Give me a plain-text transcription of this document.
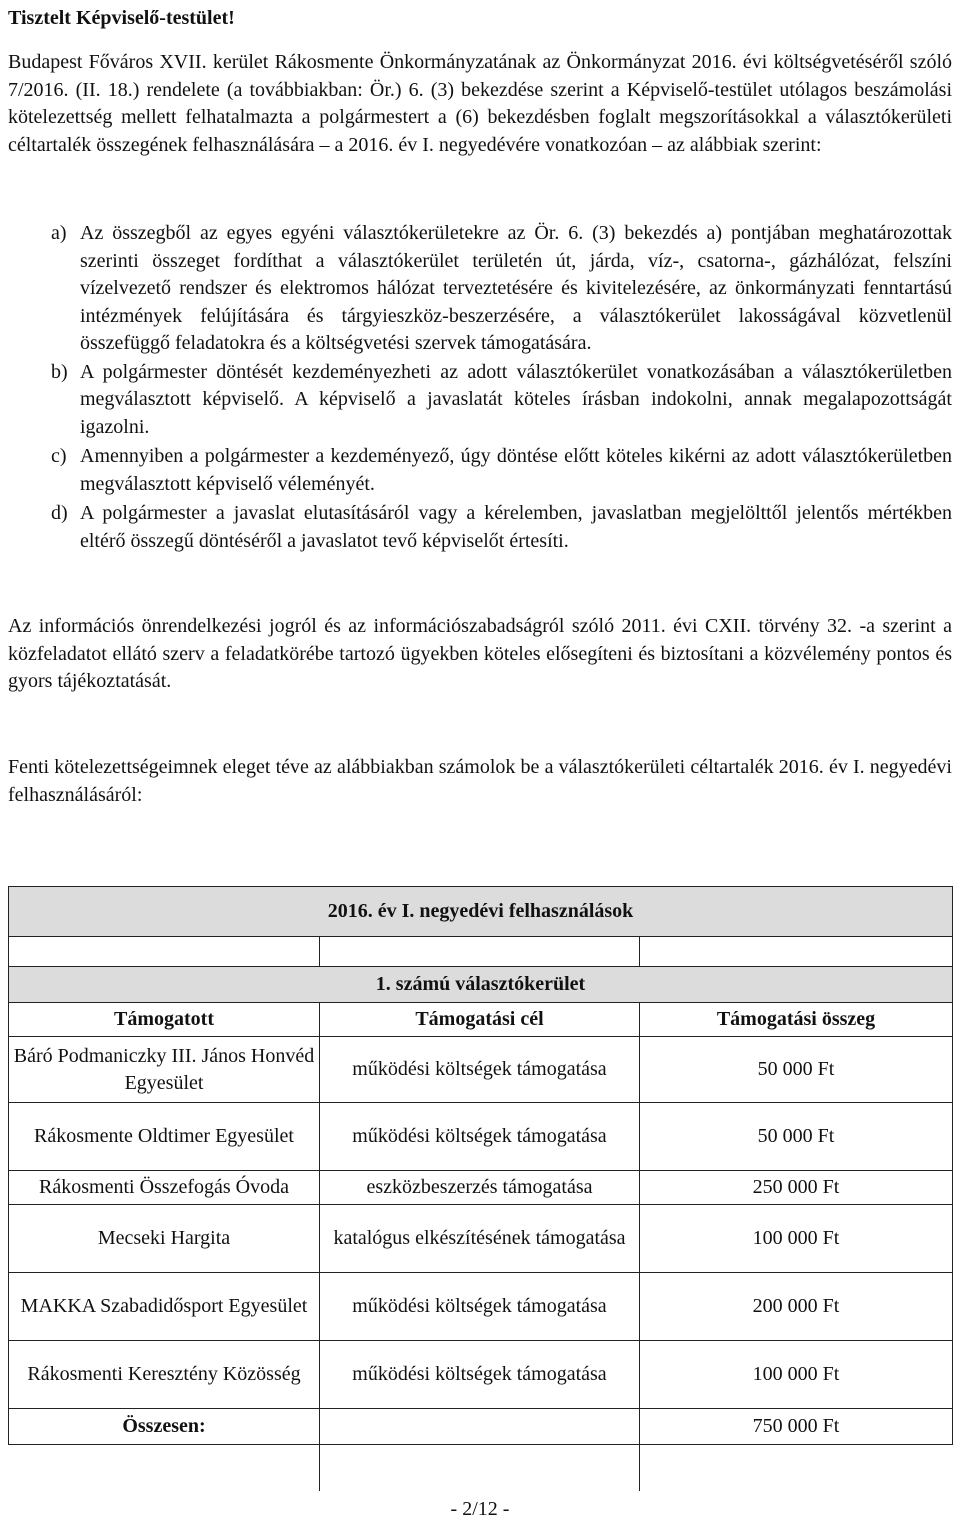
Tisztelt Képviselő-testület!
Budapest Főváros XVII. kerület Rákosmente Önkormányzatának az Önkormányzat 2016. évi költségvetéséről szóló 7/2016. (II. 18.) rendelete (a továbbiakban: Ör.) 6. (3) bekezdése szerint a Képviselő-testület utólagos beszámolási kötelezettség mellett felhatalmazta a polgármestert a (6) bekezdésben foglalt megszorításokkal a választókerületi céltartalék összegének felhasználására – a 2016. év I. negyedévére vonatkozóan – az alábbiak szerint:
a) Az összegből az egyes egyéni választókerületekre az Ör. 6. (3) bekezdés a) pontjában meghatározottak szerinti összeget fordíthat a választókerület területén út, járda, víz-, csatorna-, gázhálózat, felszíni vízelvezető rendszer és elektromos hálózat terveztetésére és kivitelezésére, az önkormányzati fenntartású intézmények felújítására és tárgyieszköz-beszerzésére, a választókerület lakosságával közvetlenül összefüggő feladatokra és a költségvetési szervek támogatására.
b) A polgármester döntését kezdeményezheti az adott választókerület vonatkozásában a választókerületben megválasztott képviselő. A képviselő a javaslatát köteles írásban indokolni, annak megalapozottságát igazolni.
c) Amennyiben a polgármester a kezdeményező, úgy döntése előtt köteles kikérni az adott választókerületben megválasztott képviselő véleményét.
d) A polgármester a javaslat elutasításáról vagy a kérelemben, javaslatban megjelölttől jelentős mértékben eltérő összegű döntéséről a javaslatot tevő képviselőt értesíti.
Az információs önrendelkezési jogról és az információszabadságról szóló 2011. évi CXII. törvény 32. -a szerint a közfeladatot ellátó szerv a feladatkörébe tartozó ügyekben köteles elősegíteni és biztosítani a közvélemény pontos és gyors tájékoztatását.
Fenti kötelezettségeimnek eleget téve az alábbiakban számolok be a választókerületi céltartalék 2016. év I. negyedévi felhasználásáról:
2016. év I. negyedévi felhasználások		

1. számú választókerület		
Támogatott	Támogatási cél	Támogatási összeg
Báró Podmaniczky III. János Honvéd Egyesület	működési költségek támogatása	50 000 Ft
Rákosmente Oldtimer Egyesület	működési költségek támogatása	50 000 Ft
Rákosmenti Összefogás Óvoda	eszközbeszerzés támogatása	250 000 Ft
Mecseki Hargita	katalógus elkészítésének támogatása	100 000 Ft
MAKKA Szabadidősport Egyesület	működési költségek támogatása	200 000 Ft
Rákosmenti Keresztény Közösség	működési költségek támogatása	100 000 Ft
Összesen:		750 000 Ft

- 2/12 -
